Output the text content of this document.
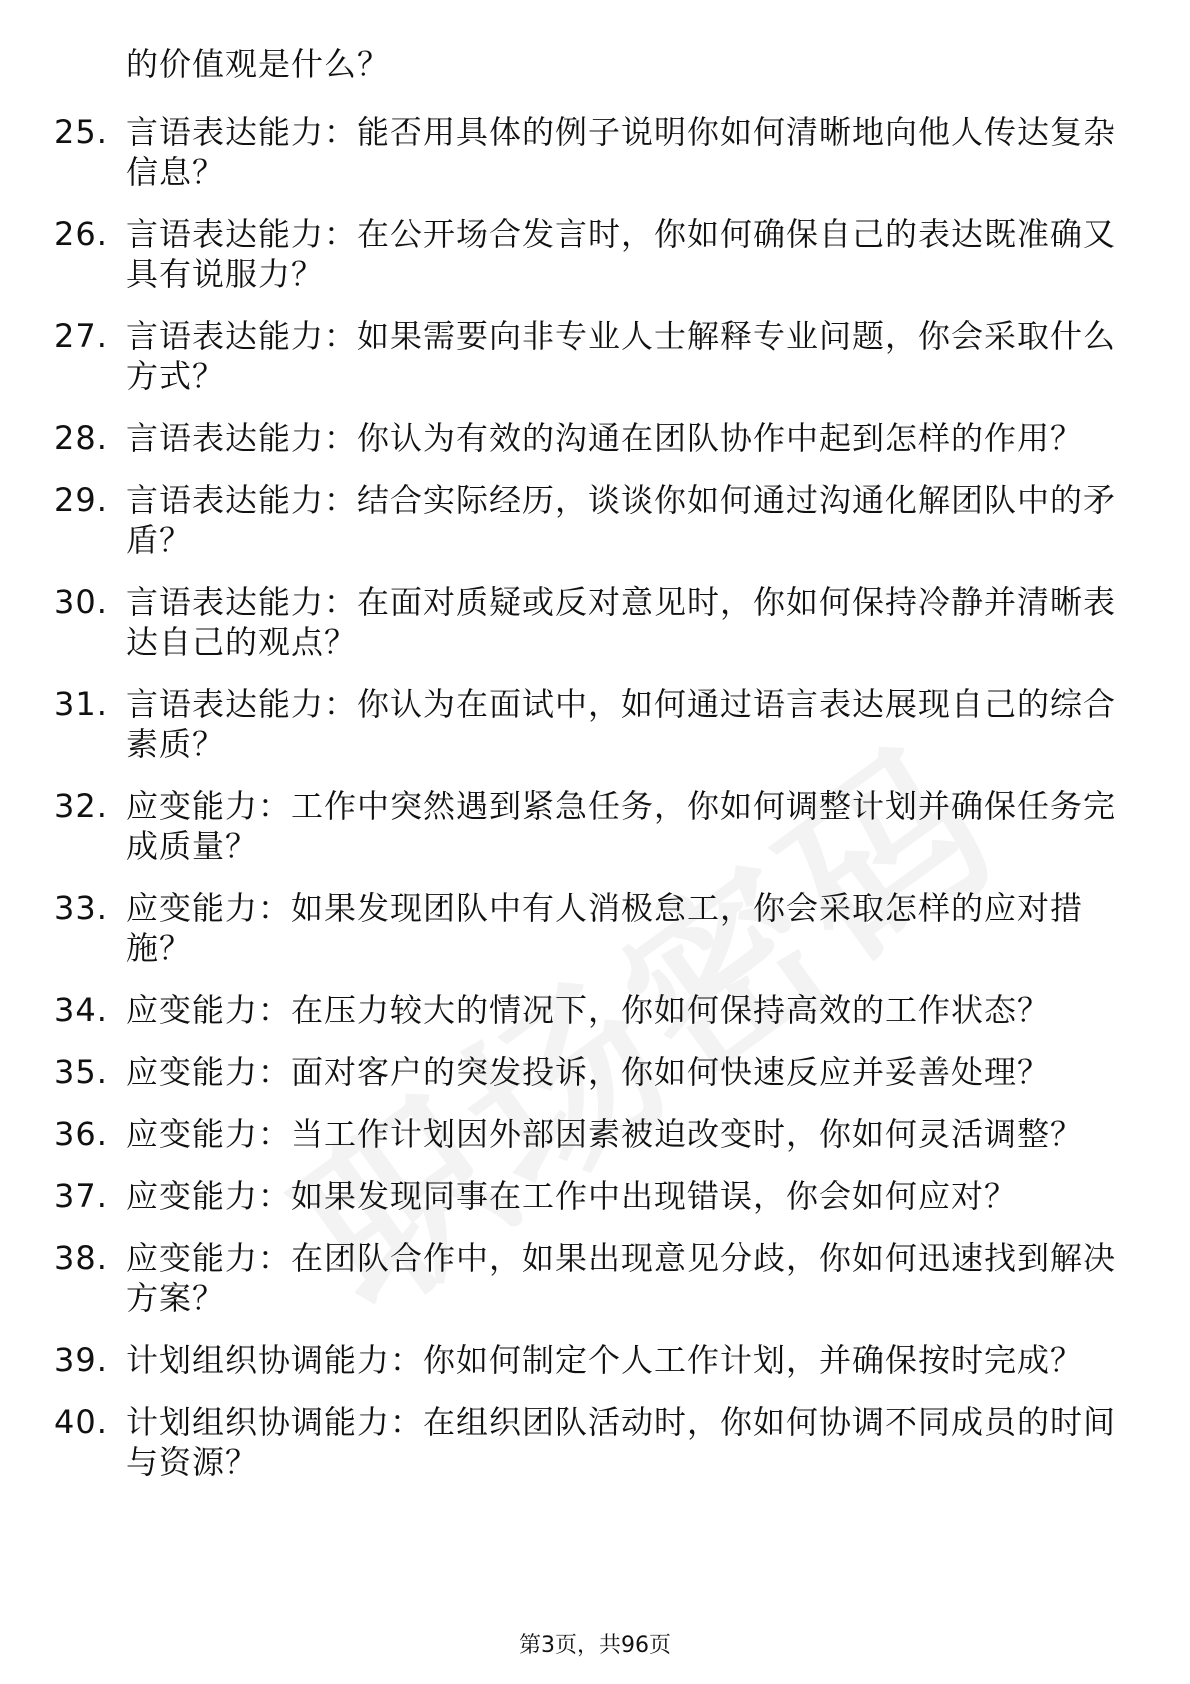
的价值观是什么？
25. 言语表达能力：能否用具体的例子说明你如何清晰地向他人传达复杂信息？
26. 言语表达能力：在公开场合发言时，你如何确保自己的表达既准确又具有说服力？
27. 言语表达能力：如果需要向非专业人士解释专业问题，你会采取什么方式？
28. 言语表达能力：你认为有效的沟通在团队协作中起到怎样的作用？
29. 言语表达能力：结合实际经历，谈谈你如何通过沟通化解团队中的矛盾？
30. 言语表达能力：在面对质疑或反对意见时，你如何保持冷静并清晰表达自己的观点？
31. 言语表达能力：你认为在面试中，如何通过语言表达展现自己的综合素质？
32. 应变能力：工作中突然遇到紧急任务，你如何调整计划并确保任务完成质量？
33. 应变能力：如果发现团队中有人消极怠工，你会采取怎样的应对措施？
34. 应变能力：在压力较大的情况下，你如何保持高效的工作状态？
35. 应变能力：面对客户的突发投诉，你如何快速反应并妥善处理？
36. 应变能力：当工作计划因外部因素被迫改变时，你如何灵活调整？
37. 应变能力：如果发现同事在工作中出现错误，你会如何应对？
38. 应变能力：在团队合作中，如果出现意见分歧，你如何迅速找到解决方案？
39. 计划组织协调能力：你如何制定个人工作计划，并确保按时完成？
40. 计划组织协调能力：在组织团队活动时，你如何协调不同成员的时间与资源？
第3页，共96页
